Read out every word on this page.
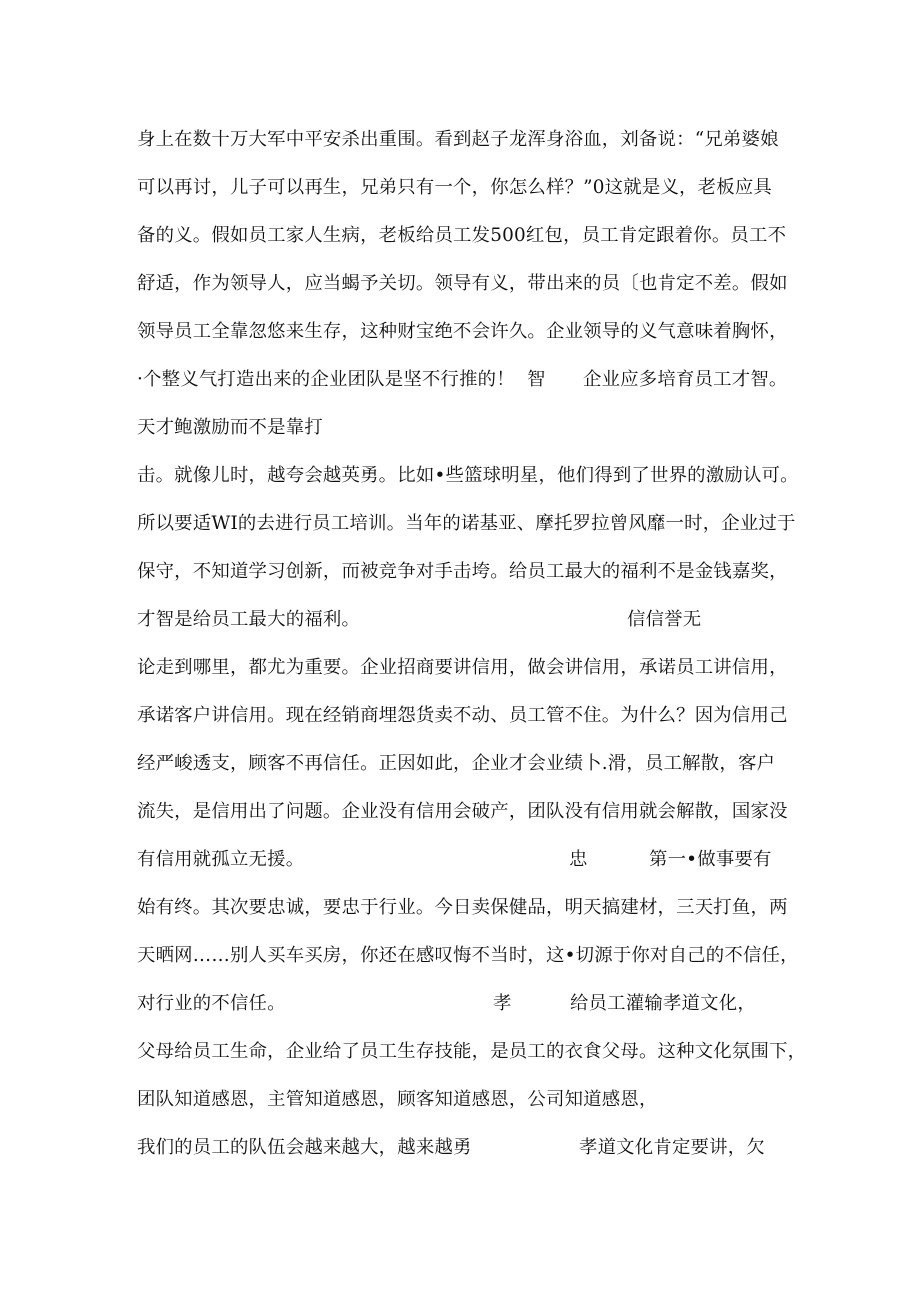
身上在数十万大军中平安杀出重围。看到赵子龙浑身浴血，刘备说：“兄弟婆娘
可以再讨，儿子可以再生，兄弟只有一个，你怎么样？”0这就是义，老板应具
备的义。假如员工家人生病，老板给员工发500红包，员工肯定跟着你。员工不
舒适，作为领导人，应当蝎予关切。领导有义，带出来的员〔也肯定不差。假如
领导员工全靠忽悠来生存，这种财宝绝不会许久。企业领导的义气意味着胸怀，
·个整义气打造出来的企业团队是坚不行推的！ 智 企业应多培育员工才智。
天才鲍激励而不是靠打
击。就像儿时，越夸会越英勇。比如•些篮球明星，他们得到了世界的激励认可。
所以要适WI的去进行员工培训。当年的诺基亚、摩托罗拉曾风靡一时，企业过于
保守，不知道学习创新，而被竞争对手击垮。给员工最大的福利不是金钱嘉奖，
才智是给员工最大的福利。	信信誉无
论走到哪里，都尤为重要。企业招商要讲信用，做会讲信用，承诺员工讲信用，
承诺客户讲信用。现在经销商埋怨货卖不动、员工管不住。为什么？因为信用己
经严峻透支，顾客不再信任。正因如此，企业才会业绩卜.滑，员工解散，客户
流失，是信用出了问题。企业没有信用会破产，团队没有信用就会解散，国家没
有信用就孤立无援。	忠	第一•做事要有
始有终。其次要忠诚，要忠于行业。今日卖保健品，明天搞建材，三天打鱼，两
天晒网……别人买车买房，你还在感叹悔不当时，这•切源于你对自己的不信任，
对行业的不信任。	孝	给员工灌输孝道文化，
父母给员工生命，企业给了员工生存技能，是员工的衣食父母。这种文化氛围下，
团队知道感恩，主管知道感恩，顾客知道感恩，公司知道感恩，
我们的员工的队伍会越来越大，越来越勇	孝道文化肯定要讲，欠
